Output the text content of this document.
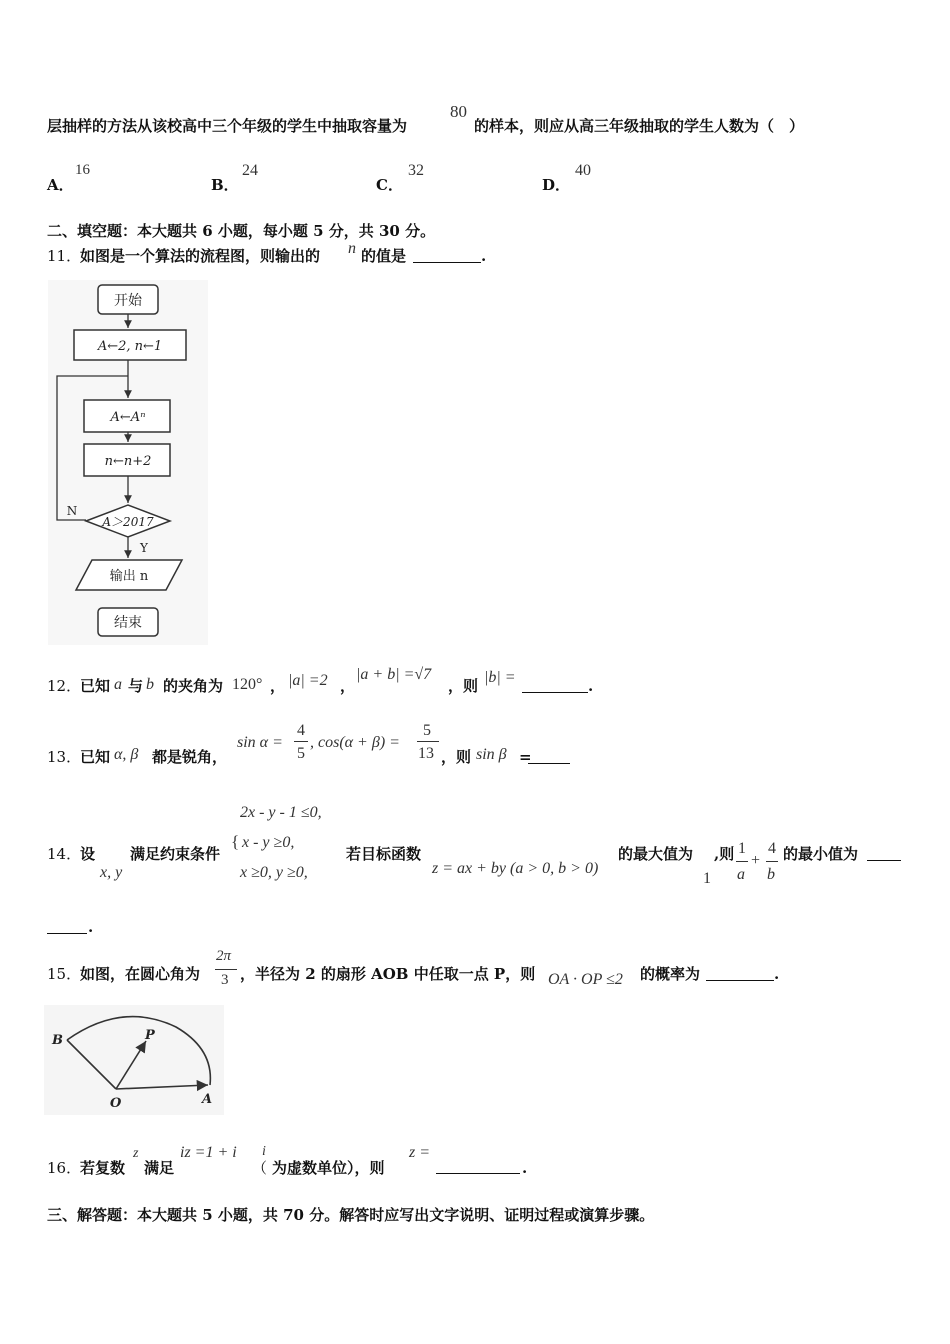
层抽样的方法从该校高中三个年级的学生中抽取容量为
80
的样本，则应从高三年级抽取的学生人数为（　）
A．
16
B．
24
C．
32
D．
40
二、填空题：本大题共 6 小题，每小题 5 分，共 30 分。
11．
如图是一个算法的流程图，则输出的 n 的值是	.
开始
A←2, n←1
A←Aⁿ
n←n+2
A＞2017
N
Y
输出 n
结束
12．
已知 a 与 b 的夹角为 120° ， |a| =2 ，
|a + b| =√7
，则 |b| =	.
13．
已知 α, β 都是锐角，
sin α =
4
5
, cos(α + β) =
5
13 ，则 sin β =
14．
设
x, y
满足约束条件
{
2x - y - 1 ≤0,
x - y ≥0,
x ≥0, y ≥0,
若目标函数
z = ax + by (a > 0, b > 0)
的最大值为
1
,则 1
a
+
4
b
的最小值为
.
15．
如图，在圆心角为
2π
3 ，半径为 2 的扇形 AOB 中任取一点 P，则 OA · OP ≤2 的概率为	.
B	P
O	A
16．
若复数
z
满足
iz =1 + i
（
i
为虚数单位），则
z =
.
三、解答题：本大题共 5 小题，共 70 分。解答时应写出文字说明、证明过程或演算步骤。
